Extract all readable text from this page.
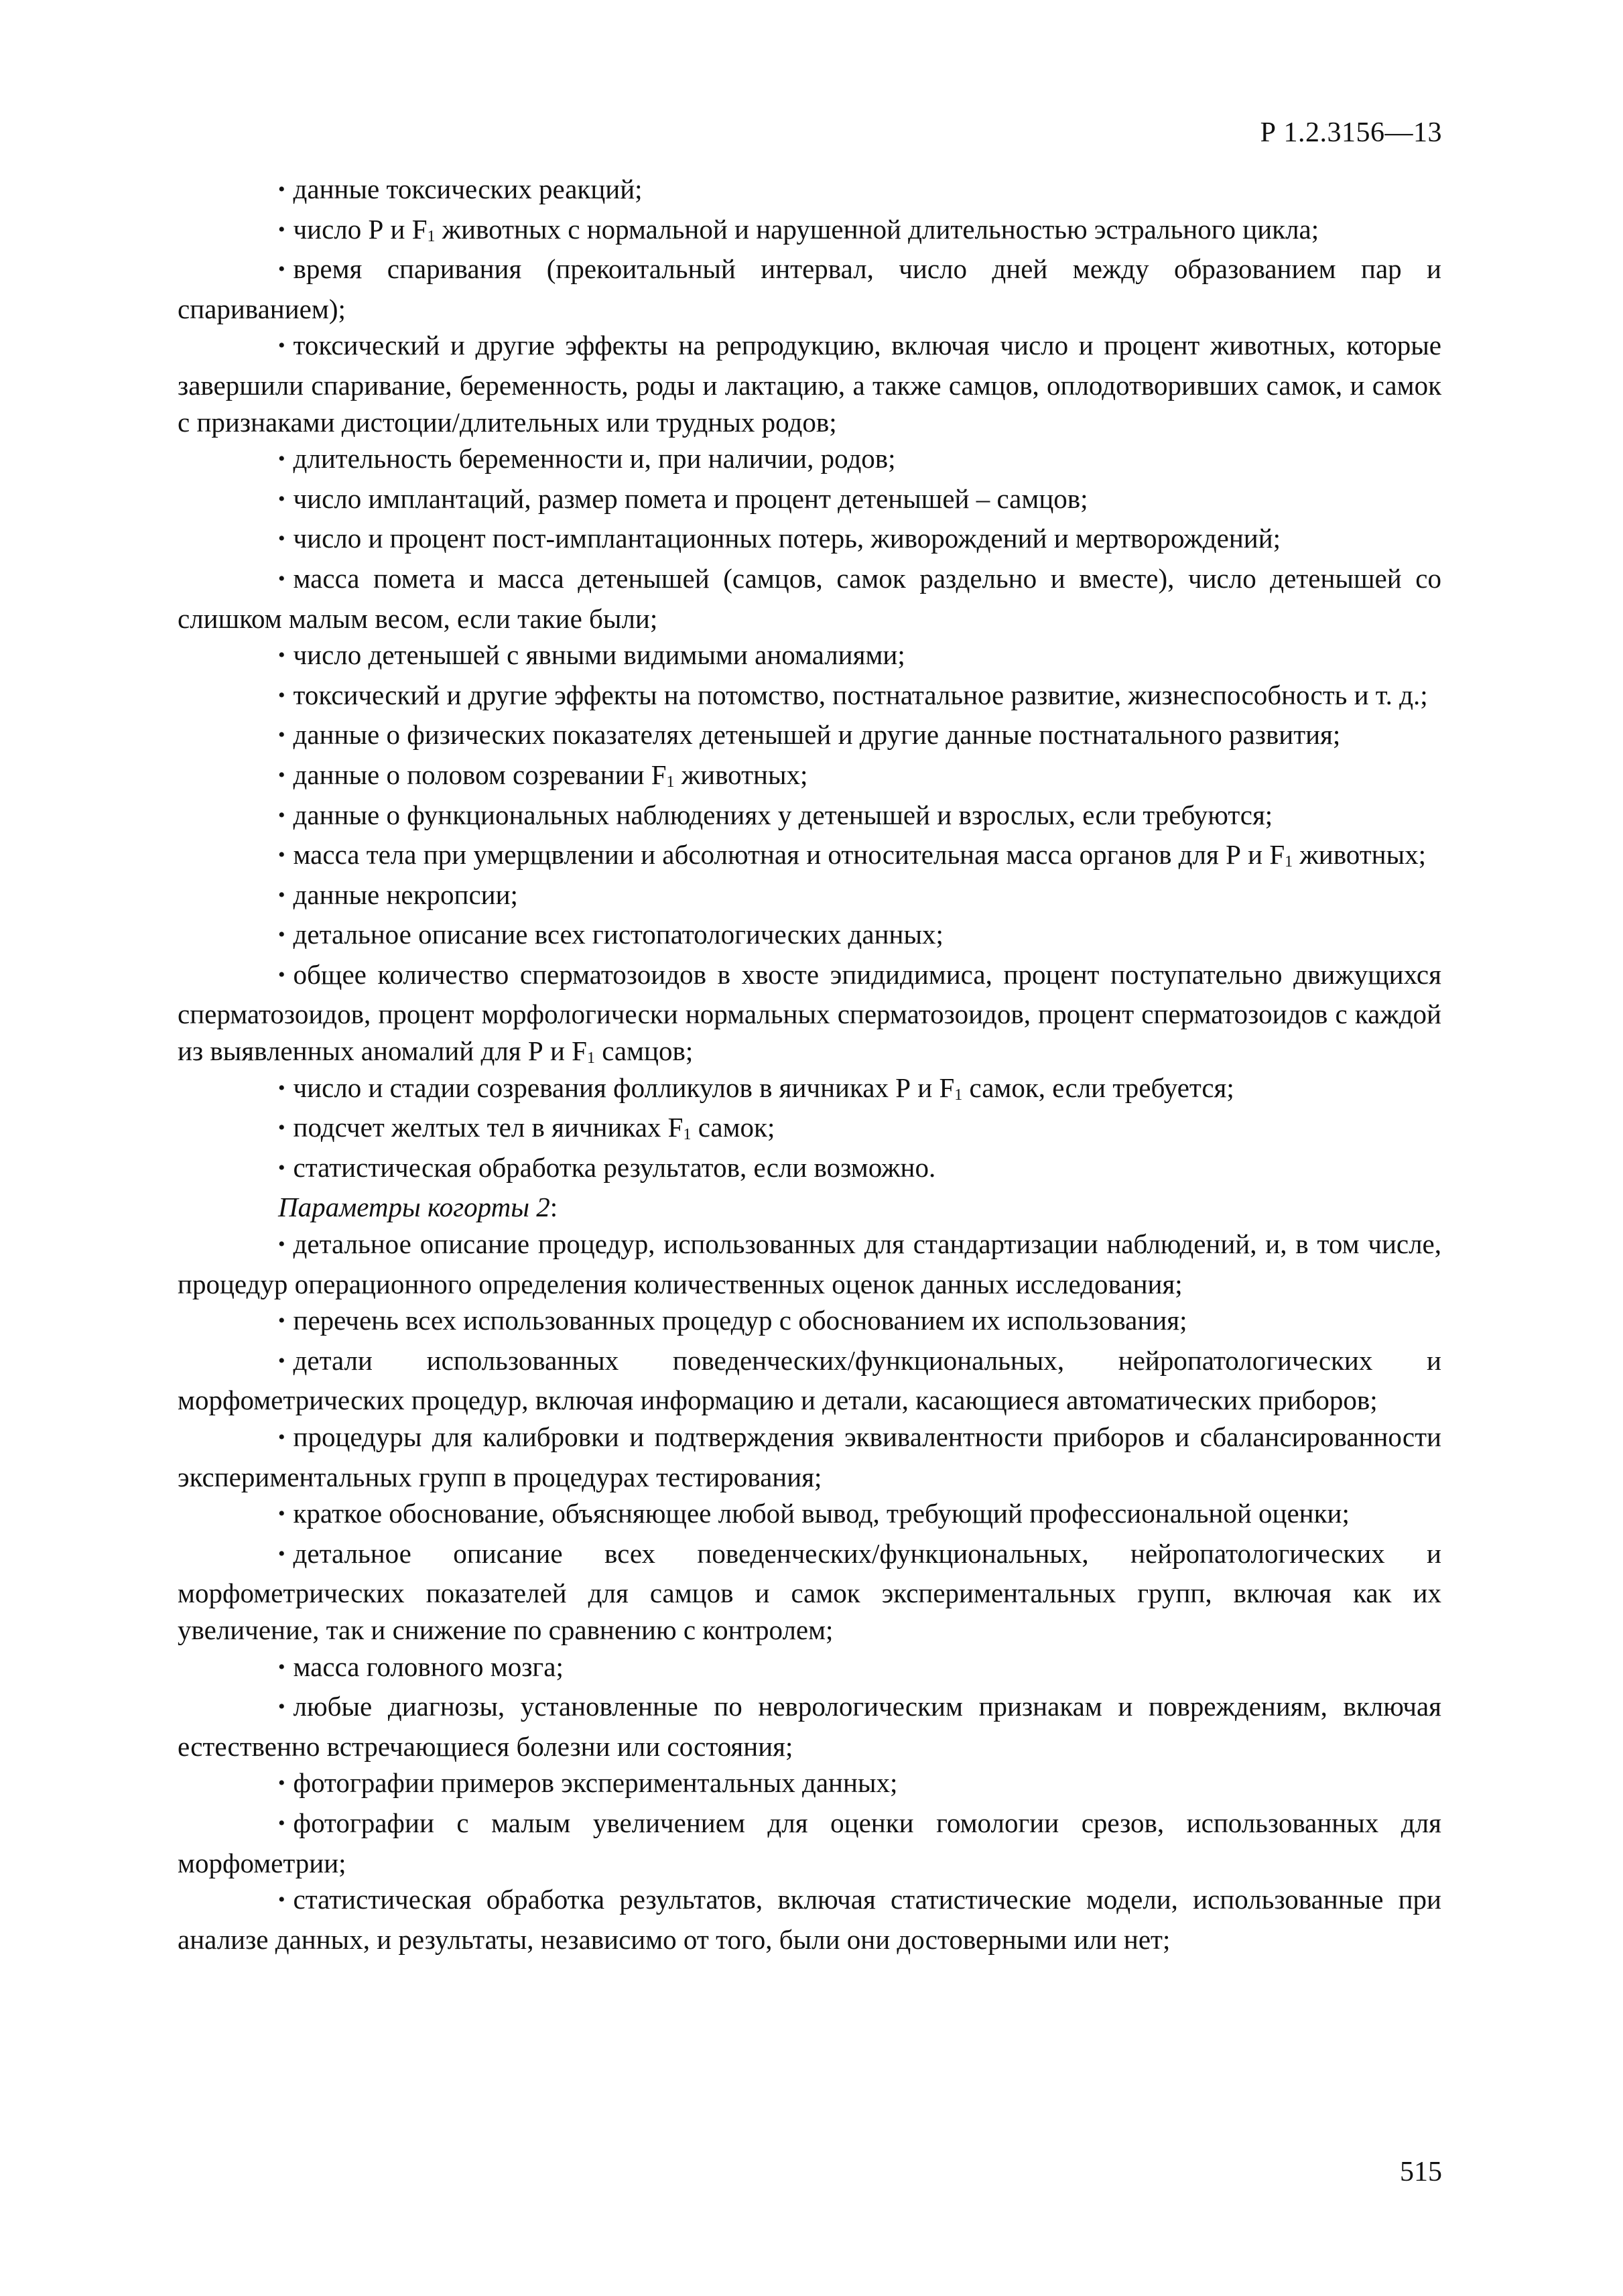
Р 1.2.3156—13

• данные токсических реакций;

• число Р и $F_1$ животных с нормальной и нарушенной длительностью эстрального цикла;

• время спаривания (прекоитальный интервал, число дней между образованием пар и спариванием);

• токсический и другие эффекты на репродукцию, включая число и процент животных, которые завершили спаривание, беременность, роды и лактацию, а также самцов, оплодотворивших самок, и самок с признаками дистоции/длительных или трудных родов;

• длительность беременности и, при наличии, родов;

• число имплантаций, размер помета и процент детенышей – самцов;

• число и процент пост-имплантационных потерь, живорождений и мертворождений;

• масса помета и масса детенышей (самцов, самок раздельно и вместе), число детенышей со слишком малым весом, если такие были;

• число детенышей с явными видимыми аномалиями;

• токсический и другие эффекты на потомство, постнатальное развитие, жизнеспособность и т. д.;

• данные о физических показателях детенышей и другие данные постнатального развития;

• данные о половом созревании $F_1$ животных;

• данные о функциональных наблюдениях у детенышей и взрослых, если требуются;

• масса тела при умерщвлении и абсолютная и относительная масса органов для Р и $F_1$ животных;

• данные некропсии;

• детальное описание всех гистопатологических данных;

• общее количество сперматозоидов в хвосте эпидидимиса, процент поступательно движущихся сперматозоидов, процент морфологически нормальных сперматозоидов, процент сперматозоидов с каждой из выявленных аномалий для Р и $F_1$ самцов;

• число и стадии созревания фолликулов в яичниках Р и $F_1$ самок, если требуется;

• подсчет желтых тел в яичниках $F_1$ самок;

• статистическая обработка результатов, если возможно.

Параметры когорты 2:

• детальное описание процедур, использованных для стандартизации наблюдений, и, в том числе, процедур операционного определения количественных оценок данных исследования;

• перечень всех использованных процедур с обоснованием их использования;

• детали использованных поведенческих/функциональных, нейропатологических и морфометрических процедур, включая информацию и детали, касающиеся автоматических приборов;

• процедуры для калибровки и подтверждения эквивалентности приборов и сбалансированности экспериментальных групп в процедурах тестирования;

• краткое обоснование, объясняющее любой вывод, требующий профессиональной оценки;

• детальное описание всех поведенческих/функциональных, нейропатологических и морфометрических показателей для самцов и самок экспериментальных групп, включая как их увеличение, так и снижение по сравнению с контролем;

• масса головного мозга;

• любые диагнозы, установленные по неврологическим признакам и повреждениям, включая естественно встречающиеся болезни или состояния;

• фотографии примеров экспериментальных данных;

• фотографии с малым увеличением для оценки гомологии срезов, использованных для морфометрии;

• статистическая обработка результатов, включая статистические модели, использованные при анализе данных, и результаты, независимо от того, были они достоверными или нет;

515
